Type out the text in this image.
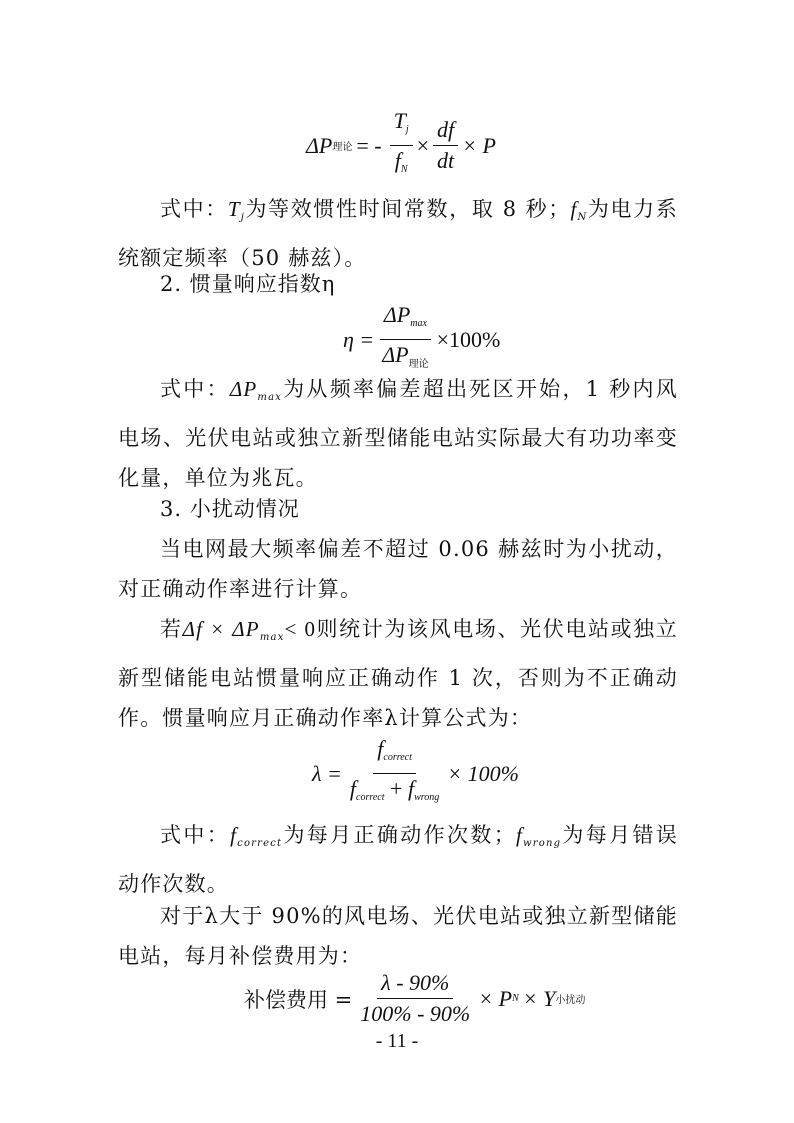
ΔP 理论 = - $\frac{T_j}{f_N} \times \frac{df}{dt} \times P$
式中：$T_j$为等效惯性时间常数，取 8 秒；$f_N$为电力系统额定频率（50 赫兹）。
2. 惯量响应指数η
$\eta = \frac{\Delta P_{max}}{\Delta P_{理论}} \times 100\%$
式中：$\Delta P_{max}$为从频率偏差超出死区开始，1 秒内风电场、光伏电站或独立新型储能电站实际最大有功功率变化量，单位为兆瓦。
3. 小扰动情况
当电网最大频率偏差不超过 0.06 赫兹时为小扰动，对正确动作率进行计算。
若$\Delta f \times \Delta P_{max}< 0$则统计为该风电场、光伏电站或独立新型储能电站惯量响应正确动作 1 次，否则为不正确动作。惯量响应月正确动作率λ计算公式为：
$\lambda = \frac{f_{correct}}{f_{correct} + f_{wrong}} \times 100\%$
式中：$f_{correct}$为每月正确动作次数；$f_{wrong}$为每月错误动作次数。
对于λ大于 90%的风电场、光伏电站或独立新型储能电站，每月补偿费用为：
补偿费用 = $\frac{\lambda - 90\%}{100\% - 90\%} \times P$ N × Y 小扰动
- 11 -
